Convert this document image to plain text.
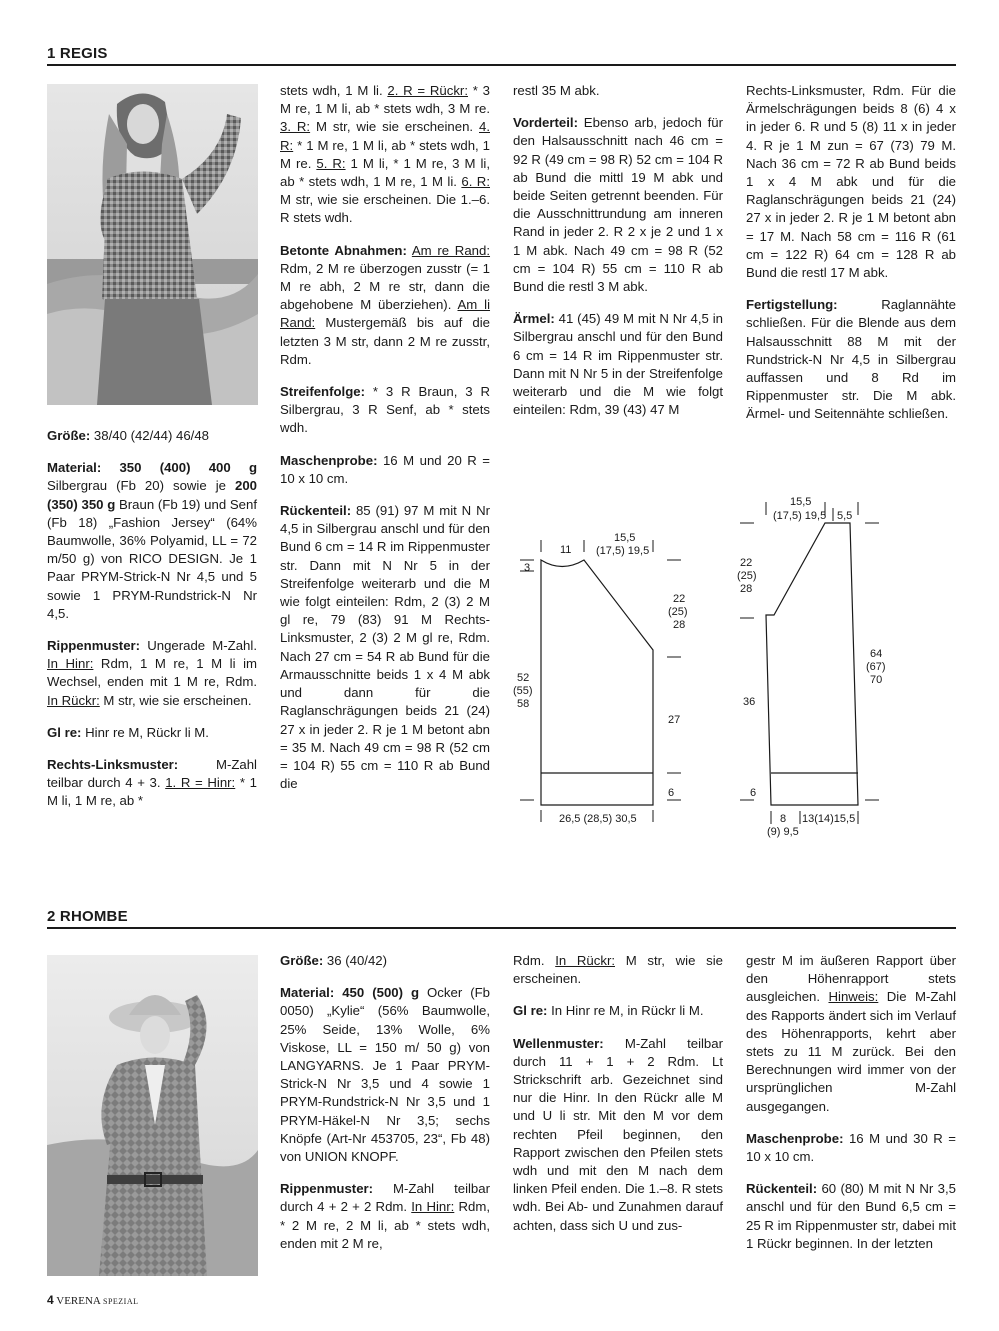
1 REGIS

Größe: 38/40 (42/44) 46/48

Material: 350 (400) 400 g Silbergrau (Fb 20) sowie je 200 (350) 350 g Braun (Fb 19) und Senf (Fb 18) „Fashion Jersey“ (64% Baumwolle, 36% Polyamid, LL = 72 m/50 g) von RICO DESIGN. Je 1 Paar PRYM-Strick-N Nr 4,5 und 5 sowie 1 PRYM-Rundstrick-N Nr 4,5.

Rippenmuster: Ungerade M-Zahl. In Hinr: Rdm, 1 M re, 1 M li im Wechsel, enden mit 1 M re, Rdm. In Rückr: M str, wie sie erscheinen.

Gl re: Hinr re M, Rückr li M.

Rechts-Linksmuster: M-Zahl teilbar durch 4 + 3. 1. R = Hinr: * 1 M li, 1 M re, ab *

stets wdh, 1 M li. 2. R = Rückr: * 3 M re, 1 M li, ab * stets wdh, 3 M re. 3. R: M str, wie sie erscheinen. 4. R: * 1 M re, 1 M li, ab * stets wdh, 1 M re. 5. R: 1 M li, * 1 M re, 3 M li, ab * stets wdh, 1 M re, 1 M li. 6. R: M str, wie sie erscheinen. Die 1.–6. R stets wdh.

Betonte Abnahmen: Am re Rand: Rdm, 2 M re überzogen zusstr (= 1 M re abh, 2 M re str, dann die abgehobene M überziehen). Am li Rand: Mustergemäß bis auf die letzten 3 M str, dann 2 M re zusstr, Rdm.

Streifenfolge: * 3 R Braun, 3 R Silbergrau, 3 R Senf, ab * stets wdh.

Maschenprobe: 16 M und 20 R = 10 x 10 cm.

Rückenteil: 85 (91) 97 M mit N Nr 4,5 in Silbergrau anschl und für den Bund 6 cm = 14 R im Rippenmuster str. Dann mit N Nr 5 in der Streifenfolge weiterarb und die M wie folgt einteilen: Rdm, 2 (3) 2 M gl re, 79 (83) 91 M Rechts-Linksmuster, 2 (3) 2 M gl re, Rdm. Nach 27 cm = 54 R ab Bund für die Armausschnitte beids 1 x 4 M abk und dann für die Raglanschrägungen beids 21 (24) 27 x in jeder 2. R je 1 M betont abn = 35 M. Nach 49 cm = 98 R (52 cm = 104 R) 55 cm = 110 R ab Bund die

restl 35 M abk.

Vorderteil: Ebenso arb, jedoch für den Halsausschnitt nach 46 cm = 92 R (49 cm = 98 R) 52 cm = 104 R ab Bund die mittl 19 M abk und beide Seiten getrennt beenden. Für die Ausschnittrundung am inneren Rand in jeder 2. R 2 x je 2 und 1 x 1 M abk. Nach 49 cm = 98 R (52 cm = 104 R) 55 cm = 110 R ab Bund die restl 3 M abk.

Ärmel: 41 (45) 49 M mit N Nr 4,5 in Silbergrau anschl und für den Bund 6 cm = 14 R im Rippenmuster str. Dann mit N Nr 5 in der Streifenfolge weiterarb und die M wie folgt einteilen: Rdm, 39 (43) 47 M

Rechts-Linksmuster, Rdm. Für die Ärmelschrägungen beids 8 (6) 4 x in jeder 6. R und 5 (8) 11 x in jeder 4. R je 1 M zun = 67 (73) 79 M. Nach 36 cm = 72 R ab Bund beids 1 x 4 M abk und für die Raglanschrägungen beids 21 (24) 27 x in jeder 2. R je 1 M betont abn = 17 M. Nach 58 cm = 116 R (61 cm = 122 R) 64 cm = 128 R ab Bund die restl 17 M abk.

Fertigstellung: Raglannähte schließen. Für die Blende aus dem Halsausschnitt 88 M mit der Rundstrick-N Nr 4,5 in Silbergrau auffassen und 8 Rd im Rippenmuster str. Die M abk. Ärmel- und Seitennähte schließen.

11
15,5
(17,5) 19,5
3
22
(25)
28
52
(55)
58
27
6
26,5 (28,5) 30,5
15,5
(17,5) 19,5 5,5
22
(25)
28
64
(67)
70
36
6
8
(9) 9,5
13(14)15,5
2 RHOMBE

Größe: 36 (40/42)

Material: 450 (500) g Ocker (Fb 0050) „Kylie“ (56% Baumwolle, 25% Seide, 13% Wolle, 6% Viskose, LL = 150 m/ 50 g) von LANGYARNS. Je 1 Paar PRYM-Strick-N Nr 3,5 und 4 sowie 1 PRYM-Rundstrick-N Nr 3,5 und 1 PRYM-Häkel-N Nr 3,5; sechs Knöpfe (Art-Nr 453705, 23“, Fb 48) von UNION KNOPF.

Rippenmuster: M-Zahl teilbar durch 4 + 2 + 2 Rdm. In Hinr: Rdm, * 2 M re, 2 M li, ab * stets wdh, enden mit 2 M re,

Rdm. In Rückr: M str, wie sie erscheinen.

Gl re: In Hinr re M, in Rückr li M.

Wellenmuster: M-Zahl teilbar durch 11 + 1 + 2 Rdm. Lt Strickschrift arb. Gezeichnet sind nur die Hinr. In den Rückr alle M und U li str. Mit den M vor dem rechten Pfeil beginnen, den Rapport zwischen den Pfeilen stets wdh und mit den M nach dem linken Pfeil enden. Die 1.–8. R stets wdh. Bei Ab- und Zunahmen darauf achten, dass sich U und zus-

gestr M im äußeren Rapport über den Höhenrapport stets ausgleichen. Hinweis: Die M-Zahl des Rapports ändert sich im Verlauf des Höhenrapports, kehrt aber stets zu 11 M zurück. Bei den Berechnungen wird immer von der ursprünglichen M-Zahl ausgegangen.

Maschenprobe: 16 M und 30 R = 10 x 10 cm.

Rückenteil: 60 (80) M mit N Nr 3,5 anschl und für den Bund 6,5 cm = 25 R im Rippenmuster str, dabei mit 1 Rückr beginnen. In der letzten

4 VERENA SPEZIAL
